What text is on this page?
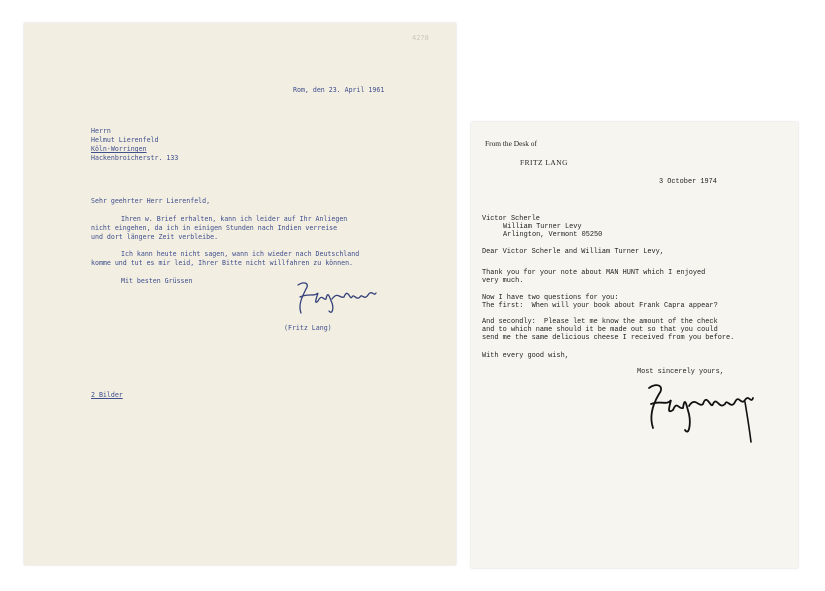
4278
Rom, den 23. April 1961
Herrn
Helmut Lierenfeld
Köln-Worringen
Hackenbroicherstr. 133
Sehr geehrter Herr Lierenfeld,
Ihren w. Brief erhalten, kann ich leider auf Ihr Anliegen
nicht eingehen, da ich in einigen Stunden nach Indien verreise
und dort längere Zeit verbleibe.
Ich kann heute nicht sagen, wann ich wieder nach Deutschland
komme und tut es mir leid, Ihrer Bitte nicht willfahren zu können.
Mit besten Grüssen
(Fritz Lang)
2 Bilder
From the Desk of
FRITZ LANG
3 October 1974
Victor Scherle
William Turner Levy
Arlington, Vermont 05250
Dear Victor Scherle and William Turner Levy,
Thank you for your note about MAN HUNT which I enjoyed
very much.
Now I have two questions for you:
The first:  When will your book about Frank Capra appear?
And secondly:  Please let me know the amount of the check
and to which name should it be made out so that you could
send me the same delicious cheese I received from you before.
With every good wish,
Most sincerely yours,
